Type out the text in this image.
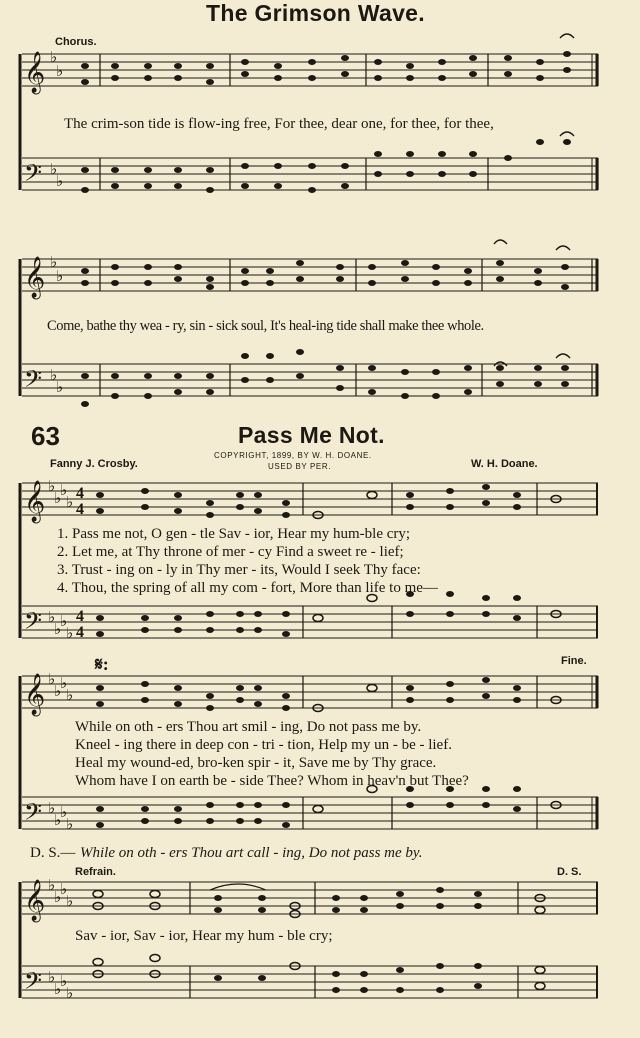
The Grimson Wave.
Chorus.
𝄞
𝄢
𝄞
𝄢
𝄞
𝄢
𝄞
𝄢
𝄞
𝄢
♭
♭
♭
♭
♭
♭
♭
♭
♭
♭
♭
♭
♭
♭
♭
♭
♭
♭
♭
♭
♭
♭
♭
♭
♭
♭
♭
♭
♭
♭
♭
♭
4
4
4
4
The crim-son tide is flow-ing free, For thee, dear one, for thee, for thee,
Come, bathe thy wea - ry, sin - sick soul, It's heal-ing tide shall make thee whole.
63	Pass Me Not.
Fanny J. Crosby.
COPYRIGHT, 1899, BY W. H. DOANE.
USED BY PER.	W. H. Doane.
1. Pass me not, O gen - tle Sav - ior, Hear my hum-ble cry;
2. Let me, at Thy throne of mer - cy Find a sweet re - lief;
3. Trust - ing on - ly in Thy mer - its, Would I seek Thy face:
4. Thou, the spring of all my com - fort, More than life to me—
𝄋:	Fine.
While on oth - ers Thou art smil - ing, Do not pass me by.
Kneel - ing there in deep con - tri - tion, Help my un - be - lief.
Heal my wound-ed, bro-ken spir - it, Save me by Thy grace.
Whom have I on earth be - side Thee? Whom in heav'n but Thee?
D. S.— While on oth - ers Thou art call - ing, Do not pass me by.
Refrain.	D. S.
Sav - ior, Sav - ior, Hear my hum - ble cry;
